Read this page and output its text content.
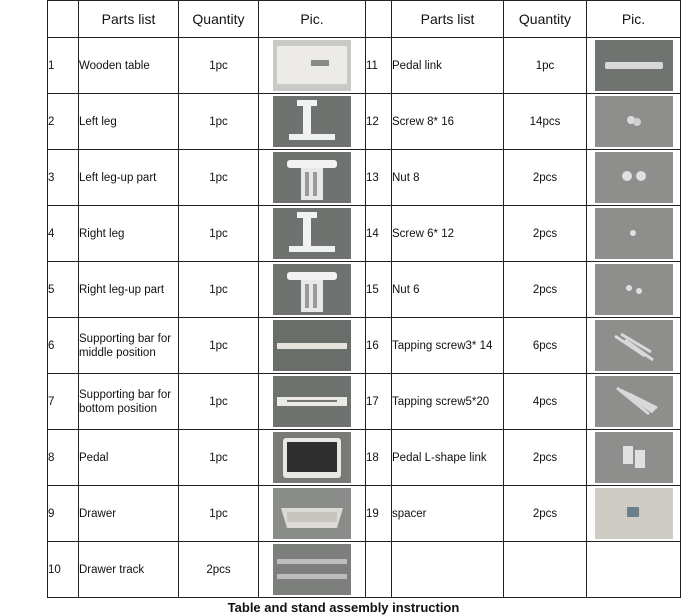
	Parts list	Quantity	Pic.		Parts list	Quantity	Pic.
1	Wooden table	1pc		11	Pedal link	1pc	

2	Left leg	1pc		12	Screw 8* 16	14pcs	

3	Left leg-up part	1pc		13	Nut 8	2pcs	

4	Right leg	1pc		14	Screw 6* 12	2pcs	

5	Right leg-up part	1pc		15	Nut 6	2pcs	

6	Supporting bar for middle position	1pc		16	Tapping screw3* 14	6pcs	

7	Supporting bar for bottom position	1pc		17	Tapping screw5*20	4pcs	

8	Pedal	1pc		18	Pedal L-shape link	2pcs	

9	Drawer	1pc		19	spacer	2pcs	

10	Drawer track	2pcs	

Table and stand assembly instruction
